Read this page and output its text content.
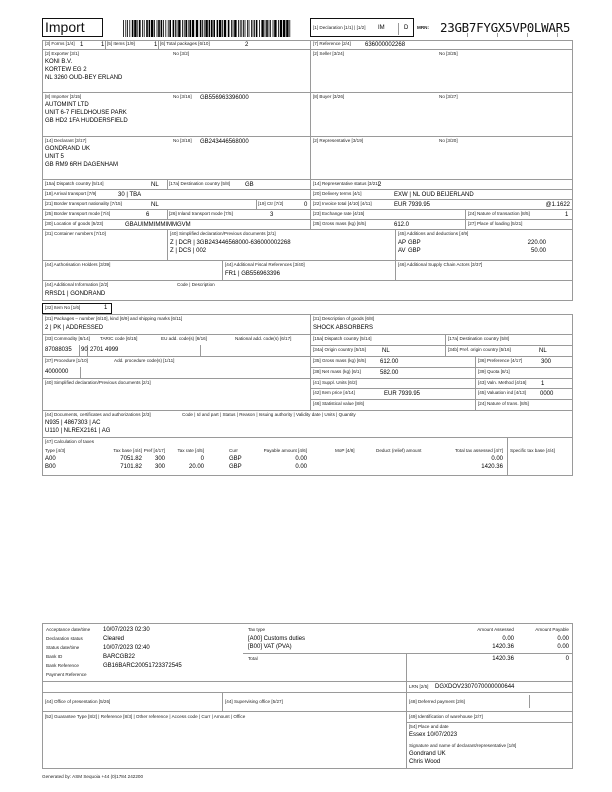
Import	[1] Declaration [1/1] | [1/2] IM	D MRN: 23GB7FYGX5VP0LWAR5
[3] Forms [1/4] 1	1 [5] Items [1/9]	1 [6] Total packages [6/10]	2	[7] Reference [2/4] 636000002268
[2] Exporter [3/1]	No [3/2]
KONI B.V.
KORTEW EG 2
NL 3260 OUD-BEY ERLAND
[2] Seller [3/24]	No [3/25]
[8] Importer [3/15]	No [3/16] GB556963396000
AUTOMINT LTD
UNIT 6-7 FIELDHOUSE PARK
GB HD2 1FA HUDDERSFIELD
[8] Buyer [3/26]	No [3/27]
[14] Declarant [3/17]	No [3/18] GB243446568000
GONDRAND UK
UNIT 5
GB RM9 6RH DAGENHAM
[2] Representative [3/19]	No [3/20]
[15a] Dispatch country [5/14]	NL [17a] Destination country [5/8] GB	[14] Representative status [3/21]
2
[18] Arrival transport [7/9]	30 | TBA	[20] Delivery terms [4/1]	EXW | NL OUD BEIJERLAND
[21] Border transport nationality [7/15]	NL	[19] Ctr [7/2]	0 [22] Invoice total [4/10] [4/11]	EUR 7939.95	@1.1622
[25] Border transport mode [7/4]	6	[26] Inland transport mode [7/5]	3	[23] Exchange rate [4/15]	[24] Nature of transaction [8/5]	1
[30] Location of goods [5/23]	GBAUIMMIMMIMMGVM	[35] Gross mass (kg) [6/5]	612.0	[27] Place of loading [5/21]
[31] Container numbers [7/10]	[40] Simplified declaration/Previous documents [2/1]
Z | DCR | 3GB243446568000-636000002268
Z | DCS | 002
[45] Additions and deductions [4/9]
AP GBP	220.00
AV GBP	50.00
[44] Authorisation Holders [3/39]	[44] Additional Fiscal References [3/40]
FR1 | GB556963396
[46] Additional Supply Chain Actors [3/37]
[44] Additional Information [2/2]	Code | Description
RRSD1 | GONDRAND
[32] Item No [1/6]	1
[31] Packages – number [6/10], kind [6/9] and shipping marks [6/11]
2 | PK | ADDRESSED
[31] Description of goods [6/8]
SHOCK ABSORBERS
[33] Commodity [6/14] TARIC code [6/15]	EU add. code(s) [6/16]	National add. code(s) [6/17]
87088035 90 2701 4999
[15a] Dispatch country [5/14]	[17a] Destination country [5/8]
[34a] Origin country [5/15]	NL	[34b] Pref. origin country [5/16]	NL
[37] Procedure [1/10]	Add. procedure code(s) [1/11]
4000000
[35] Gross mass (kg) [6/5] 612.00	[36] Preference [4/17]	300
[38] Net mass (kg) [6/1]	582.00	[39] Quota [8/1]
[40] Simplified declaration/Previous documents [2/1]	[41] Suppl. Units [6/2]	[43] Valn. Method [4/16] 1
[42] Item price [4/14]	EUR 7939.95	[45] Valuation ind [4/13] 0000
[46] Statistical value [8/6]	[24] Nature of trans. [8/5]
[44] Documents, certificates and authorizations [2/3]	Code | Id and part | Status | Reason | Issuing authority | Validity date | Units | Quantity
N935 | 4867303 | AC
U110 | NLREX2161 | AG
[47] Calculation of taxes
Specific tax base [4/4]
Type [4/3]	Tax base [4/4] Pref [4/17]	Tax rate [4/5]	Curr	Payable amount [4/6]	MoP [4/8]	Deduct (relief) amount	Total tax assessed [4/7]
A00	7051.82	300	0	GBP	0.00	0.00
B00	7101.82	300	20.00	GBP	0.00	1420.36
Acceptance date/time 10/07/2023 02:30
Declaration status	Cleared
Status date/time	10/07/2023 02:40
Bank ID	BARCGB22
Bank Reference	GB16BARC20051723372545
Payment Reference
Tax type	Amount Assessed	Amount Payable
[A00] Customs duties	0.00	0.00
[B00] VAT (PVA)	1420.36	0.00
Total	1420.36	0
LRN [2/5] DGXDOV2307070000000644
[44] Office of presentation [5/26]	[44] Supervising office [5/27]	[48] Deferred payment [2/6]
[52] Guarantee Type [8/2] | Reference [8/3] | Other reference | Access code | Curr | Amount | Office	[49] Identification of warehouse [2/7]
[54] Place and date
Essex 10/07/2023
Signature and name of declarant/representative [1/8]
Gondrand UK
Chris Wood
Generated by: ASM Sequoia +44 (0)1784 242200
